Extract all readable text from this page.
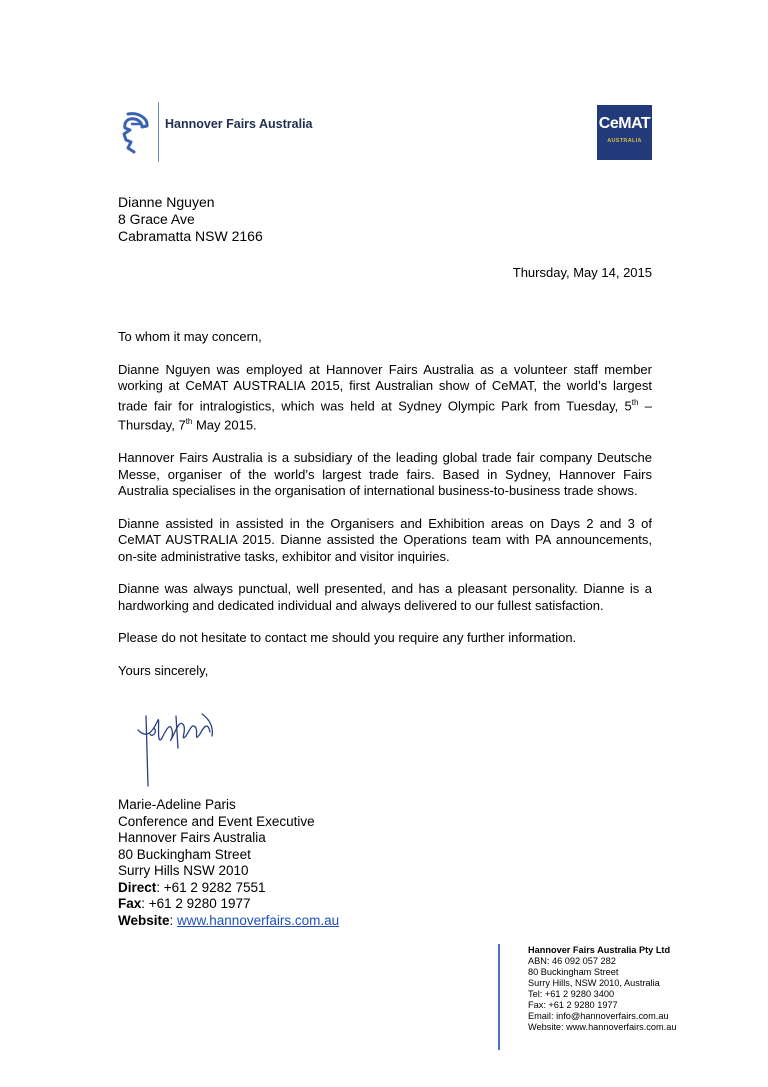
Hannover Fairs Australia	CeMAT
AUSTRALIA
Dianne Nguyen
8 Grace Ave
Cabramatta NSW 2166
Thursday, May 14, 2015

To whom it may concern,

Dianne Nguyen was employed at Hannover Fairs Australia as a volunteer staff member working at CeMAT AUSTRALIA 2015, first Australian show of CeMAT, the world’s largest trade fair for intralogistics, which was held at Sydney Olympic Park from Tuesday, 5th – Thursday, 7th May 2015.

Hannover Fairs Australia is a subsidiary of the leading global trade fair company Deutsche Messe, organiser of the world’s largest trade fairs. Based in Sydney, Hannover Fairs Australia specialises in the organisation of international business-to-business trade shows.

Dianne assisted in assisted in the Organisers and Exhibition areas on Days 2 and 3 of CeMAT AUSTRALIA 2015. Dianne assisted the Operations team with PA announcements, on-site administrative tasks, exhibitor and visitor inquiries.

Dianne was always punctual, well presented, and has a pleasant personality. Dianne is a hardworking and dedicated individual and always delivered to our fullest satisfaction.

Please do not hesitate to contact me should you require any further information.

Yours sincerely,

Marie-Adeline Paris
Conference and Event Executive
Hannover Fairs Australia
80 Buckingham Street
Surry Hills NSW 2010
Direct: +61 2 9282 7551
Fax: +61 2 9280 1977
Website: www.hannoverfairs.com.au
Hannover Fairs Australia Pty Ltd
ABN: 46 092 057 282
80 Buckingham Street
Surry Hills, NSW 2010, Australia
Tel: +61 2 9280 3400
Fax: +61 2 9280 1977
Email: info@hannoverfairs.com.au
Website: www.hannoverfairs.com.au
